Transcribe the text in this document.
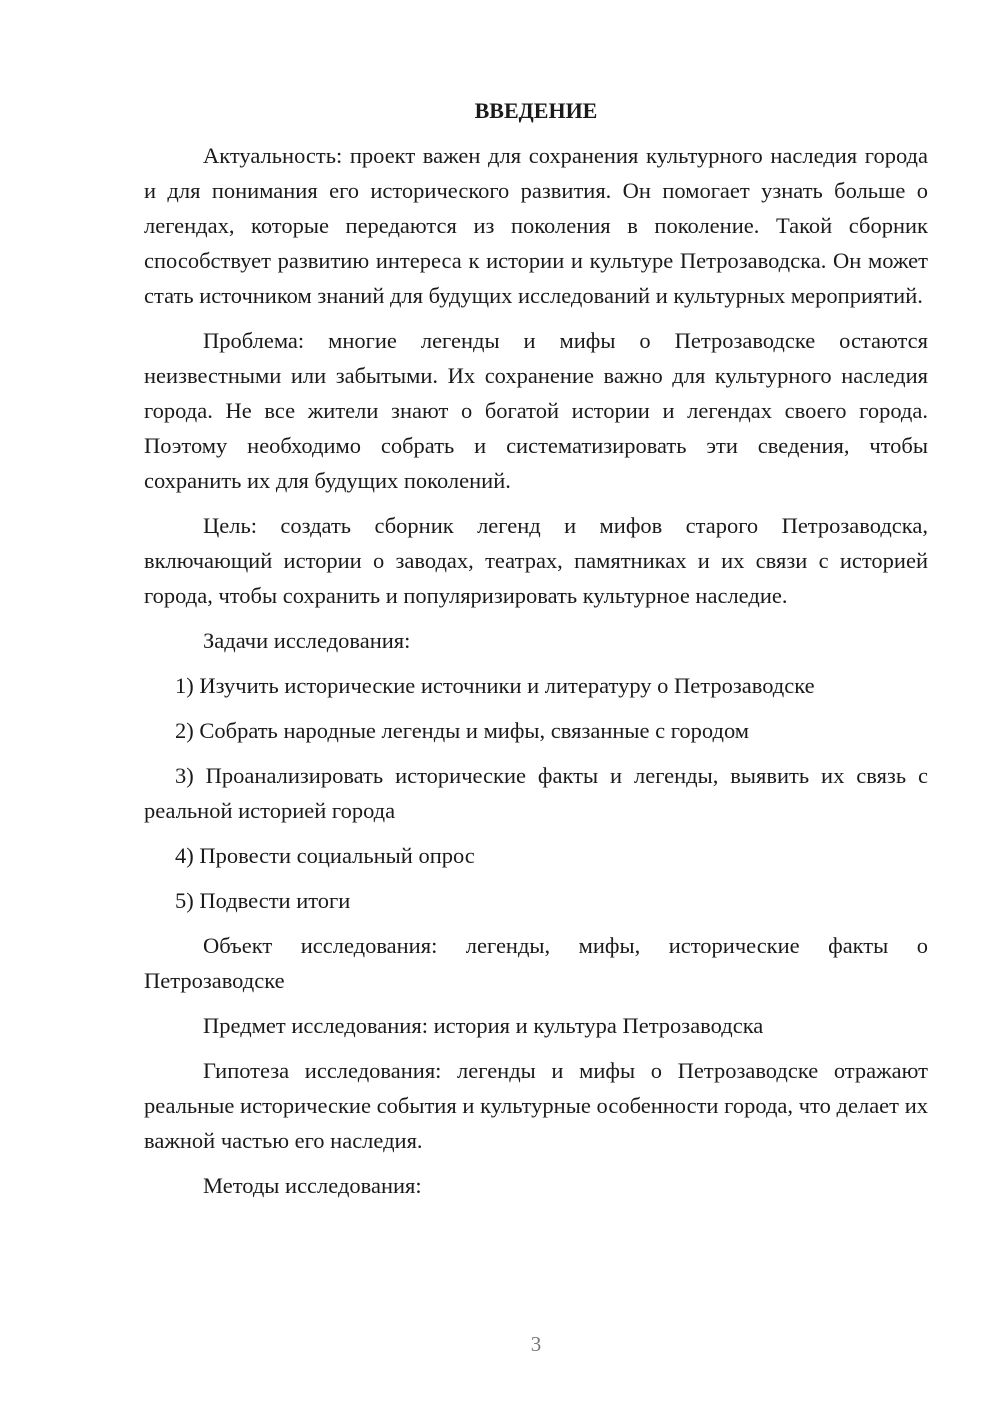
ВВЕДЕНИЕ

Актуальность: проект важен для сохранения культурного наследия города и для понимания его исторического развития. Он помогает узнать больше о легендах, которые передаются из поколения в поколение. Такой сборник способствует развитию интереса к истории и культуре Петрозаводска. Он может стать источником знаний для будущих исследований и культурных мероприятий.

Проблема: многие легенды и мифы о Петрозаводске остаются неизвестными или забытыми. Их сохранение важно для культурного наследия города. Не все жители знают о богатой истории и легендах своего города. Поэтому необходимо собрать и систематизировать эти сведения, чтобы сохранить их для будущих поколений.

Цель: создать сборник легенд и мифов старого Петрозаводска, включающий истории о заводах, театрах, памятниках и их связи с историей города, чтобы сохранить и популяризировать культурное наследие.

Задачи исследования:

1) Изучить исторические источники и литературу о Петрозаводске

2) Собрать народные легенды и мифы, связанные с городом

3) Проанализировать исторические факты и легенды, выявить их связь с реальной историей города

4) Провести социальный опрос

5) Подвести итоги

Объект исследования: легенды, мифы, исторические факты о Петрозаводске

Предмет исследования: история и культура Петрозаводска

Гипотеза исследования: легенды и мифы о Петрозаводске отражают реальные исторические события и культурные особенности города, что делает их важной частью его наследия.

Методы исследования:

3
